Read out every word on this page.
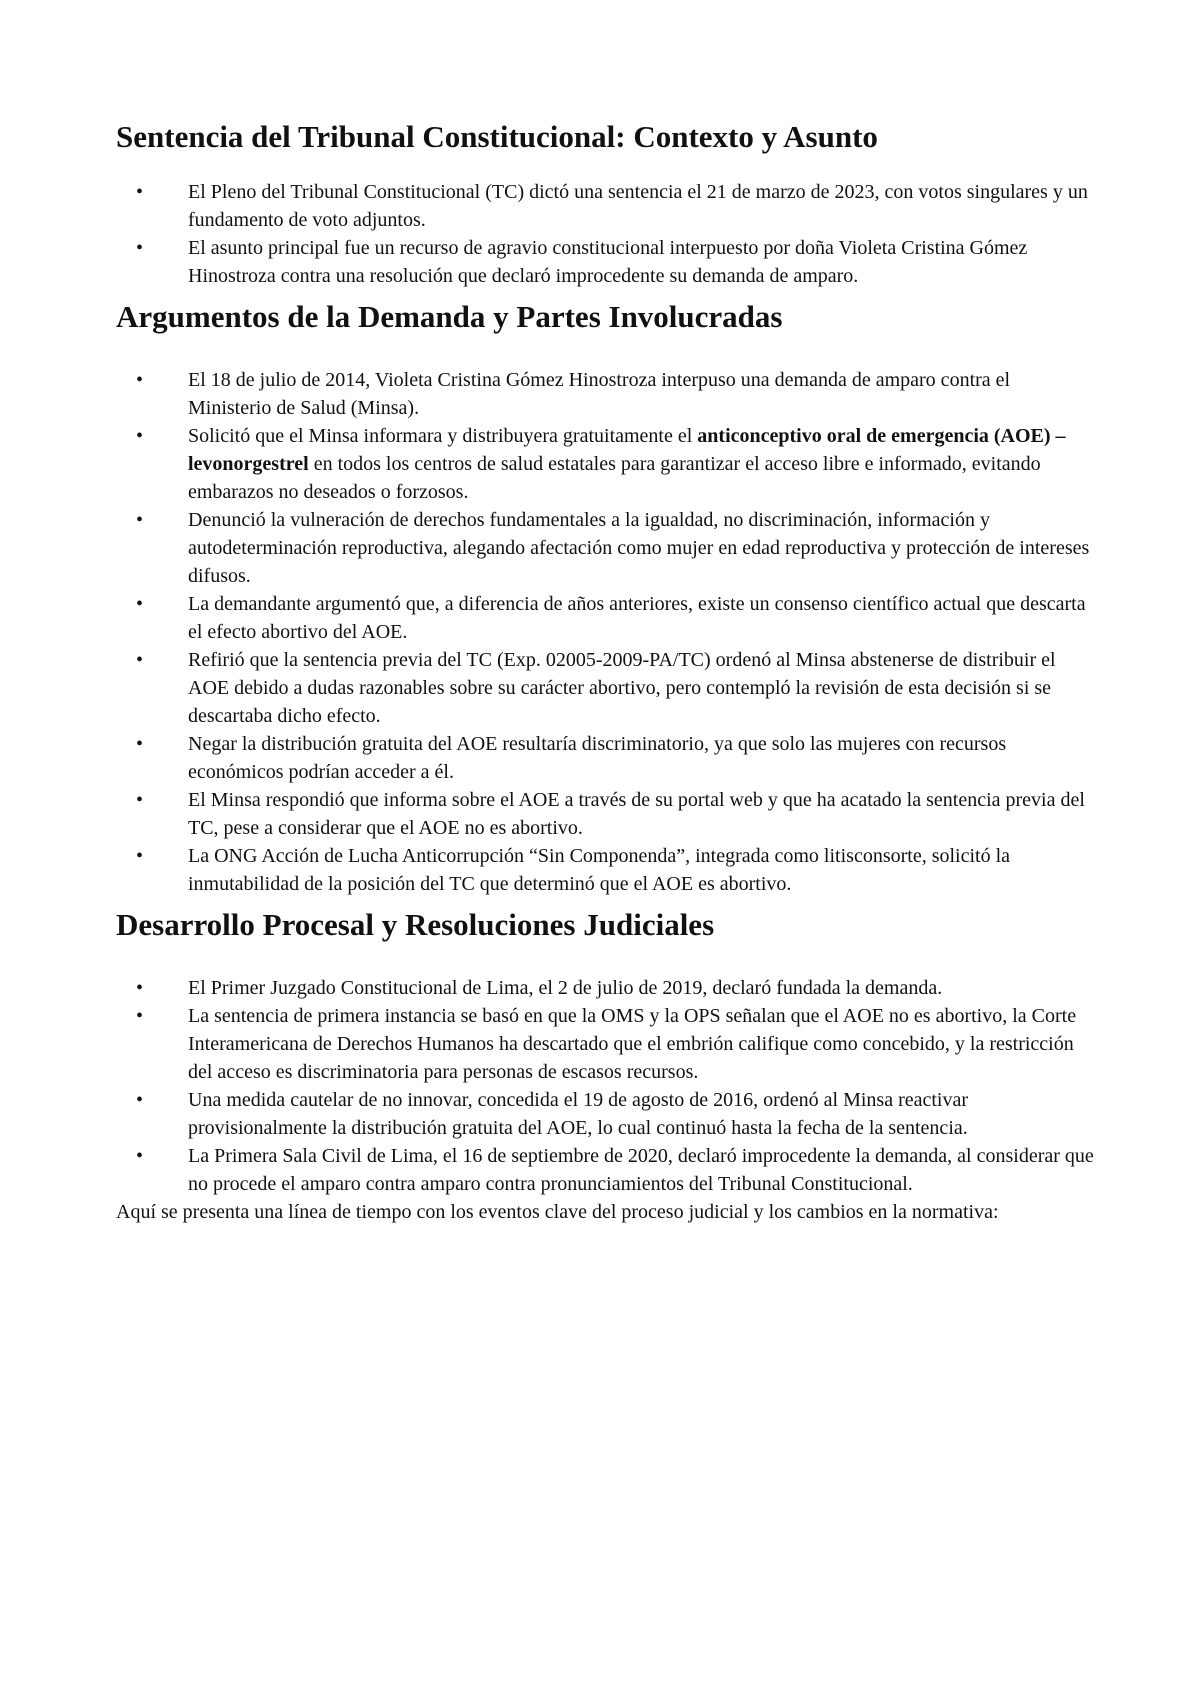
Sentencia del Tribunal Constitucional: Contexto y Asunto
• El Pleno del Tribunal Constitucional (TC) dictó una sentencia el 21 de marzo de 2023, con votos singulares y un fundamento de voto adjuntos.
• El asunto principal fue un recurso de agravio constitucional interpuesto por doña Violeta Cristina Gómez Hinostroza contra una resolución que declaró improcedente su demanda de amparo.
Argumentos de la Demanda y Partes Involucradas
• El 18 de julio de 2014, Violeta Cristina Gómez Hinostroza interpuso una demanda de amparo contra el Ministerio de Salud (Minsa).
• Solicitó que el Minsa informara y distribuyera gratuitamente el anticonceptivo oral de emergencia (AOE) – levonorgestrel en todos los centros de salud estatales para garantizar el acceso libre e informado, evitando embarazos no deseados o forzosos.
• Denunció la vulneración de derechos fundamentales a la igualdad, no discriminación, información y autodeterminación reproductiva, alegando afectación como mujer en edad reproductiva y protección de intereses difusos.
• La demandante argumentó que, a diferencia de años anteriores, existe un consenso científico actual que descarta el efecto abortivo del AOE.
• Refirió que la sentencia previa del TC (Exp. 02005-2009-PA/TC) ordenó al Minsa abstenerse de distribuir el AOE debido a dudas razonables sobre su carácter abortivo, pero contempló la revisión de esta decisión si se descartaba dicho efecto.
• Negar la distribución gratuita del AOE resultaría discriminatorio, ya que solo las mujeres con recursos económicos podrían acceder a él.
• El Minsa respondió que informa sobre el AOE a través de su portal web y que ha acatado la sentencia previa del TC, pese a considerar que el AOE no es abortivo.
• La ONG Acción de Lucha Anticorrupción “Sin Componenda”, integrada como litisconsorte, solicitó la inmutabilidad de la posición del TC que determinó que el AOE es abortivo.
Desarrollo Procesal y Resoluciones Judiciales
• El Primer Juzgado Constitucional de Lima, el 2 de julio de 2019, declaró fundada la demanda.
• La sentencia de primera instancia se basó en que la OMS y la OPS señalan que el AOE no es abortivo, la Corte Interamericana de Derechos Humanos ha descartado que el embrión califique como concebido, y la restricción del acceso es discriminatoria para personas de escasos recursos.
• Una medida cautelar de no innovar, concedida el 19 de agosto de 2016, ordenó al Minsa reactivar provisionalmente la distribución gratuita del AOE, lo cual continuó hasta la fecha de la sentencia.
• La Primera Sala Civil de Lima, el 16 de septiembre de 2020, declaró improcedente la demanda, al considerar que no procede el amparo contra amparo contra pronunciamientos del Tribunal Constitucional.

Aquí se presenta una línea de tiempo con los eventos clave del proceso judicial y los cambios en la normativa:
